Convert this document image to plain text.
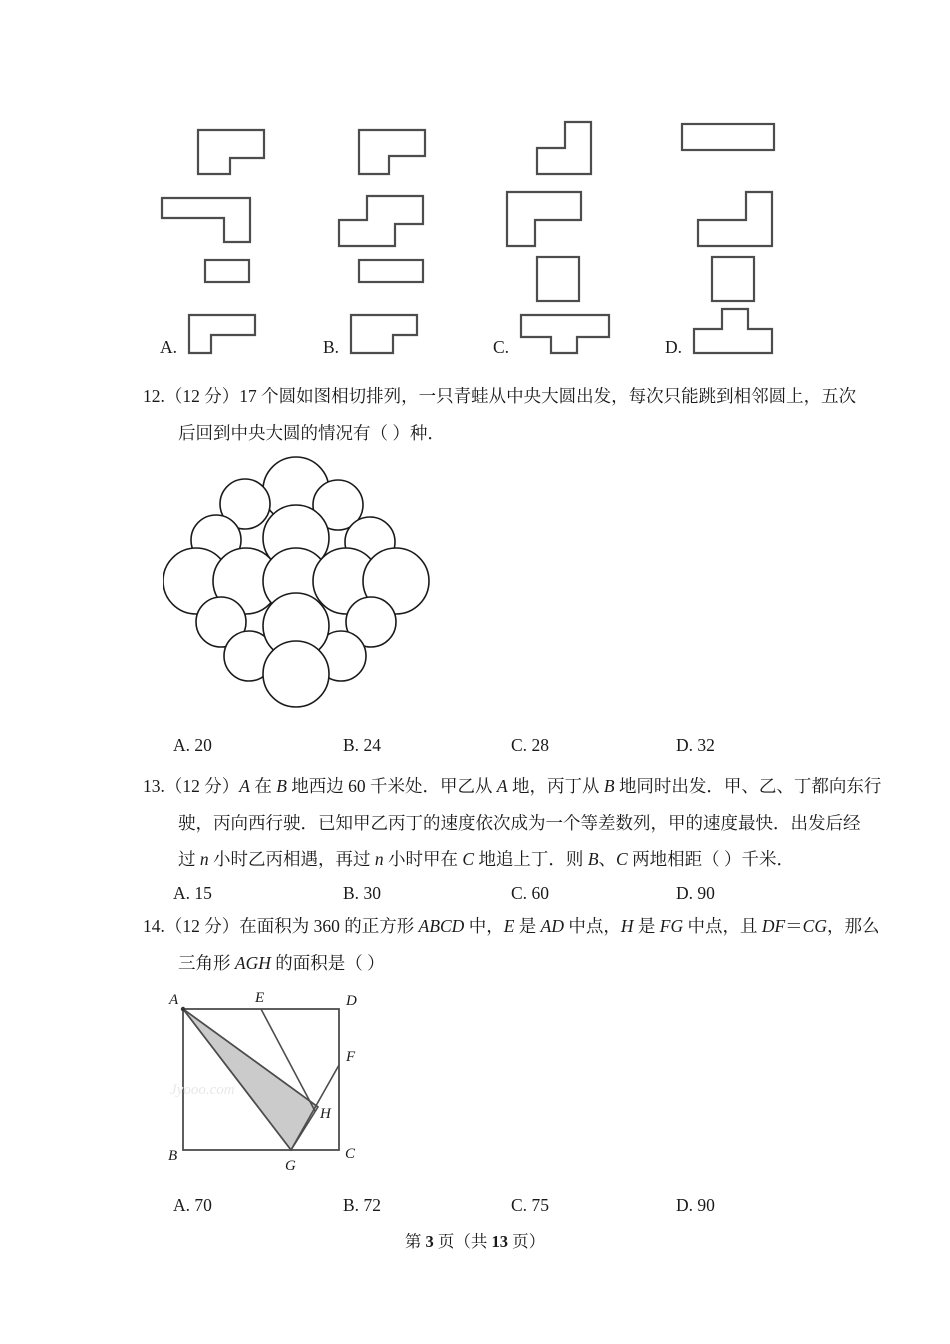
A.	B.	C.	D.
12.（12 分）17 个圆如图相切排列，一只青蛙从中央大圆出发，每次只能跳到相邻圆上，五次
后回到中央大圆的情况有（ ）种．
A. 20	B. 24	C. 28	D. 32
13.（12 分）A 在 B 地西边 60 千米处．甲乙从 A 地，丙丁从 B 地同时出发．甲、乙、丁都向东行
驶，丙向西行驶．已知甲乙丙丁的速度依次成为一个等差数列，甲的速度最快．出发后经
过 n 小时乙丙相遇，再过 n 小时甲在 C 地追上丁．则 B、C 两地相距（ ）千米．
A. 15	B. 30	C. 60	D. 90
14.（12 分）在面积为 360 的正方形 ABCD 中，E 是 AD 中点，H 是 FG 中点，且 DF＝CG，那么
三角形 AGH 的面积是（ ）
A	E	D
F
H
B
G
C
Jyooo.com
A. 70	B. 72	C. 75	D. 90
第 3 页（共 13 页）
